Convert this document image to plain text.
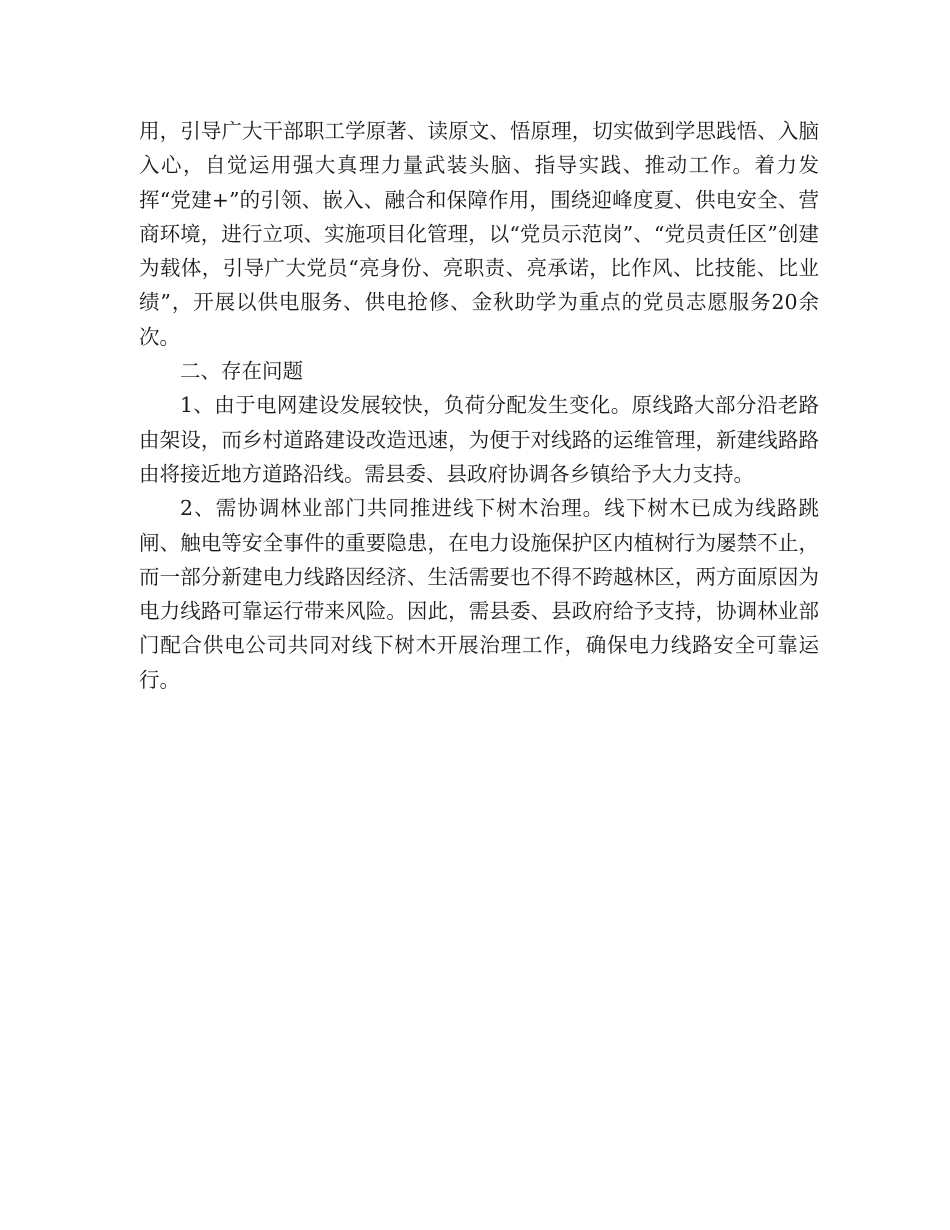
用，引导广大干部职工学原著、读原文、悟原理，切实做到学思践悟、入脑入心，自觉运用强大真理力量武装头脑、指导实践、推动工作。着力发挥“党建+”的引领、嵌入、融合和保障作用，围绕迎峰度夏、供电安全、营商环境，进行立项、实施项目化管理，以“党员示范岗”、“党员责任区”创建为载体，引导广大党员“亮身份、亮职责、亮承诺，比作风、比技能、比业绩”，开展以供电服务、供电抢修、金秋助学为重点的党员志愿服务20余次。

二、存在问题

1、由于电网建设发展较快，负荷分配发生变化。原线路大部分沿老路由架设，而乡村道路建设改造迅速，为便于对线路的运维管理，新建线路路由将接近地方道路沿线。需县委、县政府协调各乡镇给予大力支持。

2、需协调林业部门共同推进线下树木治理。线下树木已成为线路跳闸、触电等安全事件的重要隐患，在电力设施保护区内植树行为屡禁不止，而一部分新建电力线路因经济、生活需要也不得不跨越林区，两方面原因为电力线路可靠运行带来风险。因此，需县委、县政府给予支持，协调林业部门配合供电公司共同对线下树木开展治理工作，确保电力线路安全可靠运行。
